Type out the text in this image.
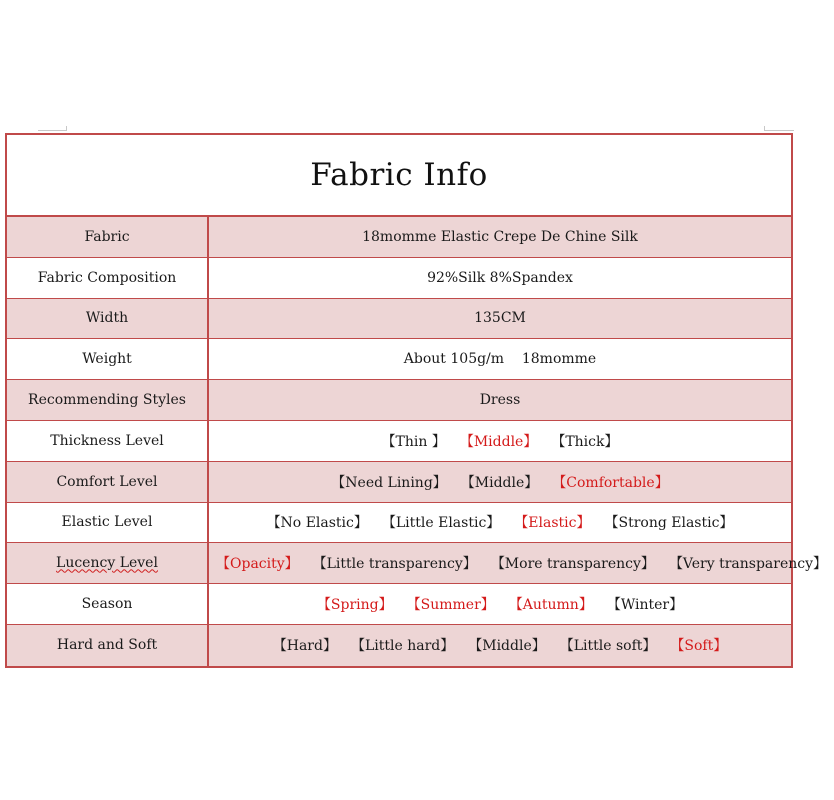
Fabric Info
Fabric	18momme Elastic Crepe De Chine Silk
Fabric Composition	92%Silk 8%Spandex
Width	135CM
Weight	About 105g/m    18momme
Recommending Styles	Dress
Thickness Level	【Thin 】 【Middle】 【Thick】
Comfort Level	【Need Lining】 【Middle】 【Comfortable】
Elastic Level	【No Elastic】 【Little Elastic】 【Elastic】 【Strong Elastic】
Lucency Level	【Opacity】 【Little transparency】 【More transparency】 【Very transparency】
Season	【Spring】 【Summer】 【Autumn】 【Winter】
Hard and Soft	【Hard】 【Little hard】 【Middle】 【Little soft】 【Soft】
